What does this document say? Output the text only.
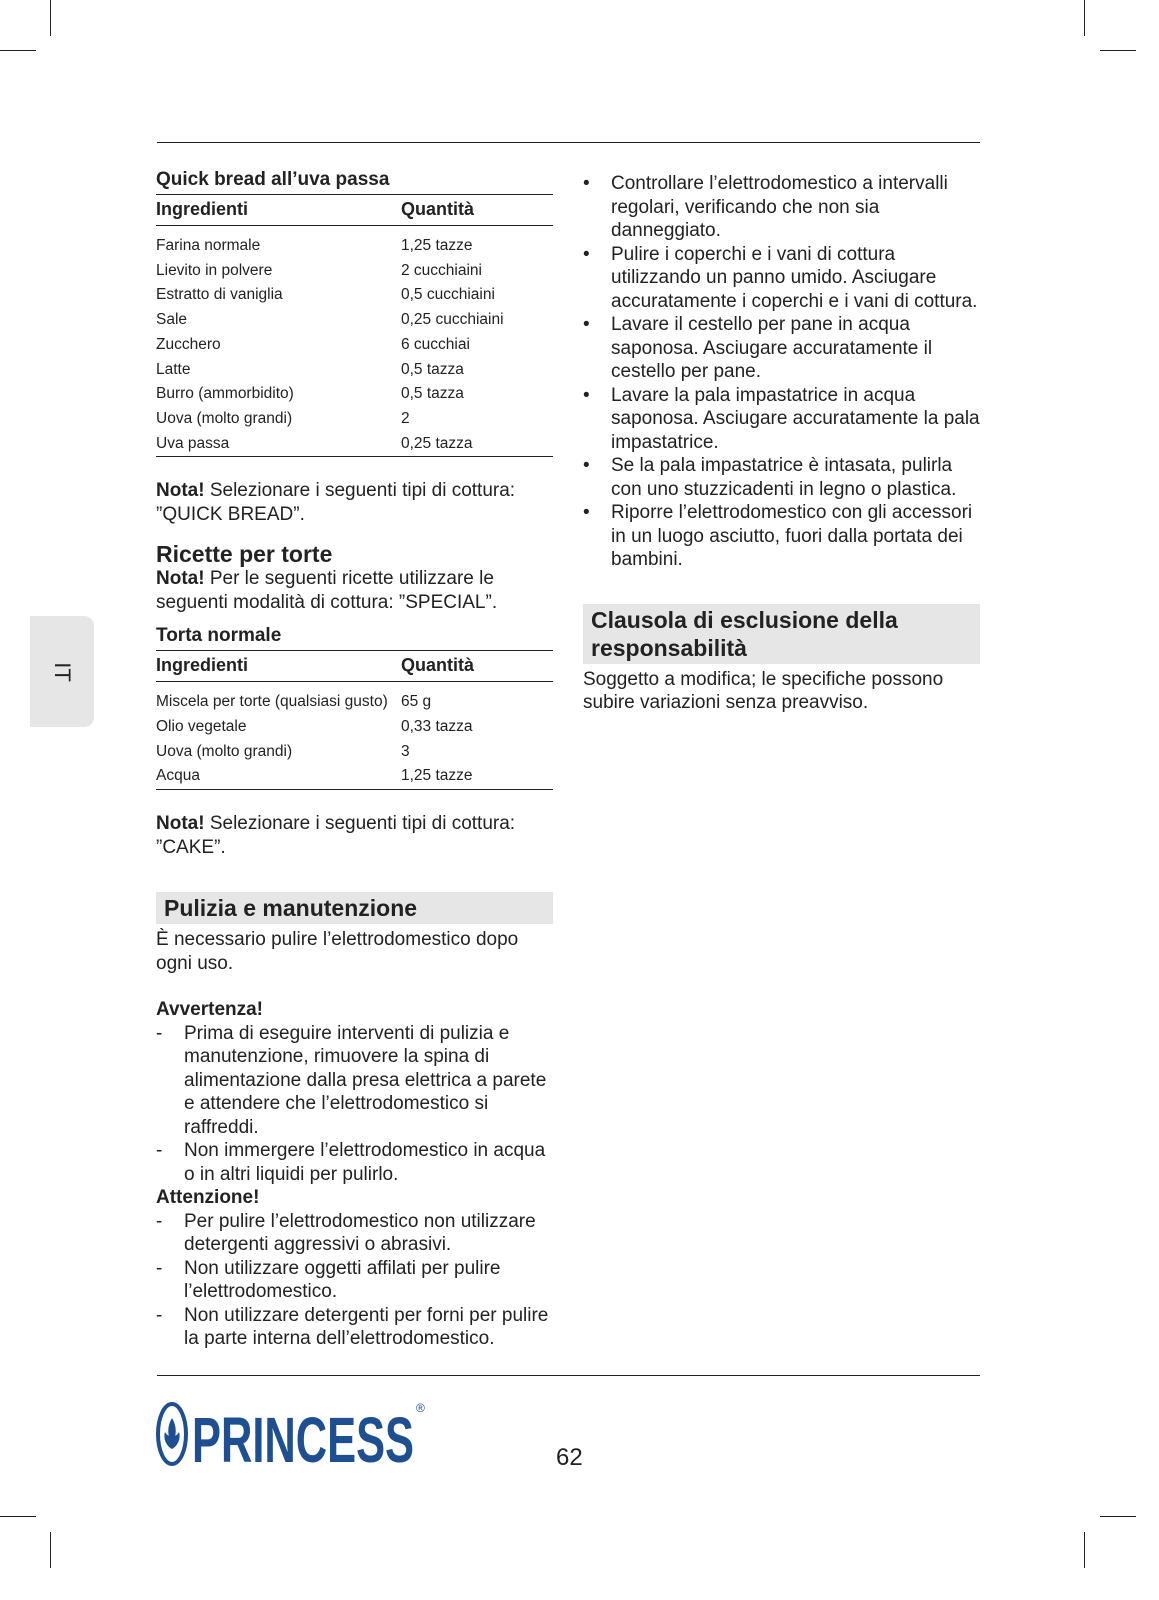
IT
Quick bread all’uva passa
Ingredienti	Quantità
Farina normale	1,25 tazze
Lievito in polvere	2 cucchiaini
Estratto di vaniglia	0,5 cucchiaini
Sale	0,25 cucchiaini
Zucchero	6 cucchiai
Latte	0,5 tazza
Burro (ammorbidito)	0,5 tazza
Uova (molto grandi)	2
Uva passa	0,25 tazza

Nota! Selezionare i seguenti tipi di cottura: ”QUICK BREAD”.

Ricette per torte

Nota! Per le seguenti ricette utilizzare le seguenti modalità di cottura: ”SPECIAL”.

Torta normale
Ingredienti	Quantità
Miscela per torte (qualsiasi gusto) 65 g
Olio vegetale	0,33 tazza
Uova (molto grandi)	3
Acqua	1,25 tazze

Nota! Selezionare i seguenti tipi di cottura: ”CAKE”.

Pulizia e manutenzione

È necessario pulire l’elettrodomestico dopo ogni uso.

Avvertenza!

-	Prima di eseguire interventi di pulizia e manutenzione, rimuovere la spina di alimentazione dalla presa elettrica a parete e attendere che l’elettrodomestico si raffreddi.
-	Non immergere l’elettrodomestico in acqua o in altri liquidi per pulirlo.

Attenzione!

-	Per pulire l’elettrodomestico non utilizzare detergenti aggressivi o abrasivi.
-	Non utilizzare oggetti affilati per pulire l’elettrodomestico.
-	Non utilizzare detergenti per forni per pulire la parte interna dell’elettrodomestico.
•	Controllare l’elettrodomestico a intervalli regolari, verificando che non sia danneggiato.
•	Pulire i coperchi e i vani di cottura utilizzando un panno umido. Asciugare accuratamente i coperchi e i vani di cottura.
•	Lavare il cestello per pane in acqua saponosa. Asciugare accuratamente il cestello per pane.
•	Lavare la pala impastatrice in acqua saponosa. Asciugare accuratamente la pala impastatrice.
•	Se la pala impastatrice è intasata, pulirla con uno stuzzicadenti in legno o plastica.
•	Riporre l’elettrodomestico con gli accessori in un luogo asciutto, fuori dalla portata dei bambini.
Clausola di esclusione della responsabilità

Soggetto a modifica; le specifiche possono subire variazioni senza preavviso.

PRINCESS ®
62
